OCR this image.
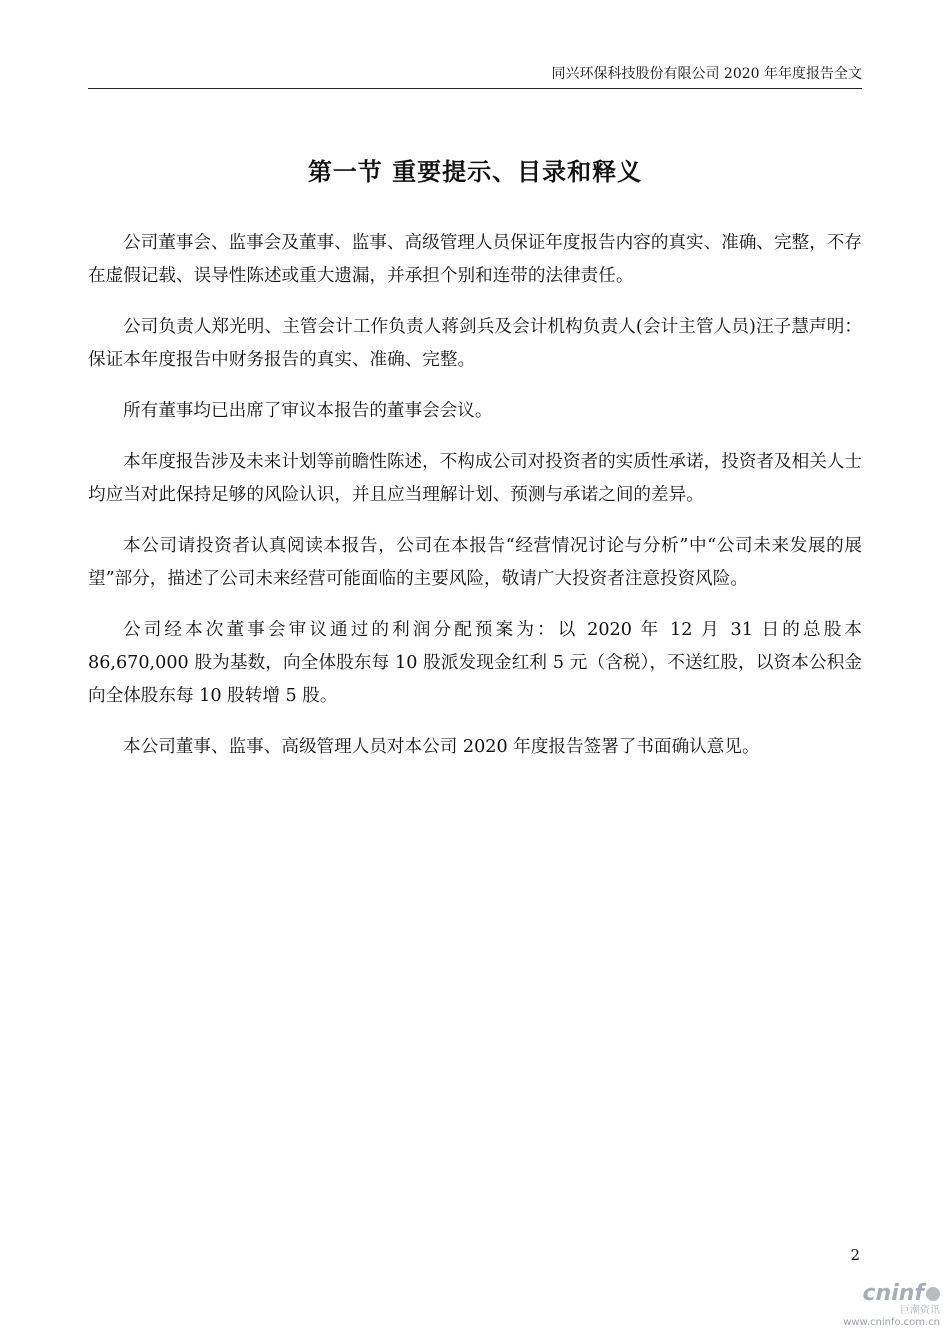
同兴环保科技股份有限公司 2020 年年度报告全文
第一节 重要提示、目录和释义

公司董事会、监事会及董事、监事、高级管理人员保证年度报告内容的真实、准确、完整，不存在虚假记载、误导性陈述或重大遗漏，并承担个别和连带的法律责任。

公司负责人郑光明、主管会计工作负责人蒋剑兵及会计机构负责人(会计主管人员)汪子慧声明：保证本年度报告中财务报告的真实、准确、完整。

所有董事均已出席了审议本报告的董事会会议。

本年度报告涉及未来计划等前瞻性陈述，不构成公司对投资者的实质性承诺，投资者及相关人士均应当对此保持足够的风险认识，并且应当理解计划、预测与承诺之间的差异。

本公司请投资者认真阅读本报告，公司在本报告“经营情况讨论与分析”中“公司未来发展的展望”部分，描述了公司未来经营可能面临的主要风险，敬请广大投资者注意投资风险。

公司经本次董事会审议通过的利润分配预案为：以 2020 年 12 月 31 日的总股本 86,670,000 股为基数，向全体股东每 10 股派发现金红利 5 元（含税），不送红股，以资本公积金向全体股东每 10 股转增 5 股。

本公司董事、监事、高级管理人员对本公司 2020 年度报告签署了书面确认意见。

2
cninf
巨潮资讯
www.cninfo.com.cn
